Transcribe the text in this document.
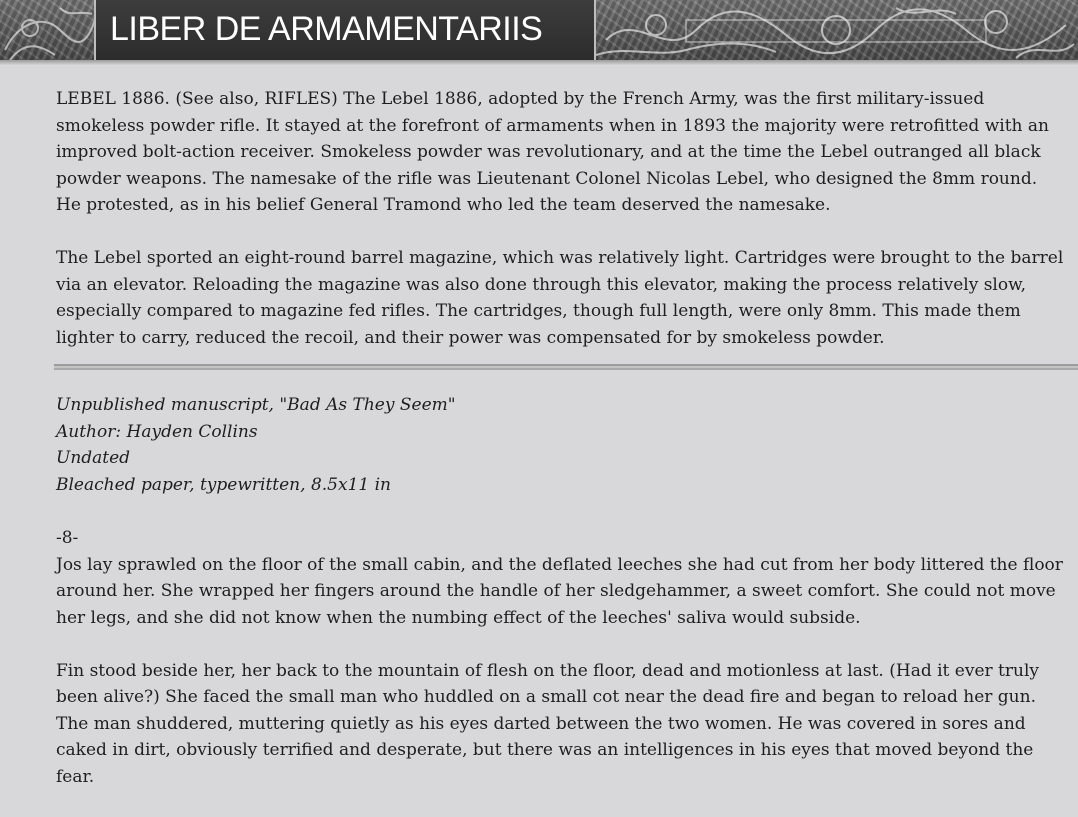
LIBER DE ARMAMENTARIIS

LEBEL 1886. (See also, RIFLES) The Lebel 1886, adopted by the French Army, was the first military-issued smokeless powder rifle. It stayed at the forefront of armaments when in 1893 the majority were retrofitted with an improved bolt-action receiver. Smokeless powder was revolutionary, and at the time the Lebel outranged all black powder weapons. The namesake of the rifle was Lieutenant Colonel Nicolas Lebel, who designed the 8mm round. He protested, as in his belief General Tramond who led the team deserved the namesake.

The Lebel sported an eight-round barrel magazine, which was relatively light. Cartridges were brought to the barrel via an elevator. Reloading the magazine was also done through this elevator, making the process relatively slow, especially compared to magazine fed rifles. The cartridges, though full length, were only 8mm. This made them lighter to carry, reduced the recoil, and their power was compensated for by smokeless powder.

Unpublished manuscript, "Bad As They Seem"
Author: Hayden Collins
Undated
Bleached paper, typewritten, 8.5x11 in

-8-

Jos lay sprawled on the floor of the small cabin, and the deflated leeches she had cut from her body littered the floor around her. She wrapped her fingers around the handle of her sledgehammer, a sweet comfort. She could not move her legs, and she did not know when the numbing effect of the leeches' saliva would subside.

Fin stood beside her, her back to the mountain of flesh on the floor, dead and motionless at last. (Had it ever truly been alive?) She faced the small man who huddled on a small cot near the dead fire and began to reload her gun. The man shuddered, muttering quietly as his eyes darted between the two women. He was covered in sores and caked in dirt, obviously terrified and desperate, but there was an intelligences in his eyes that moved beyond the fear.
